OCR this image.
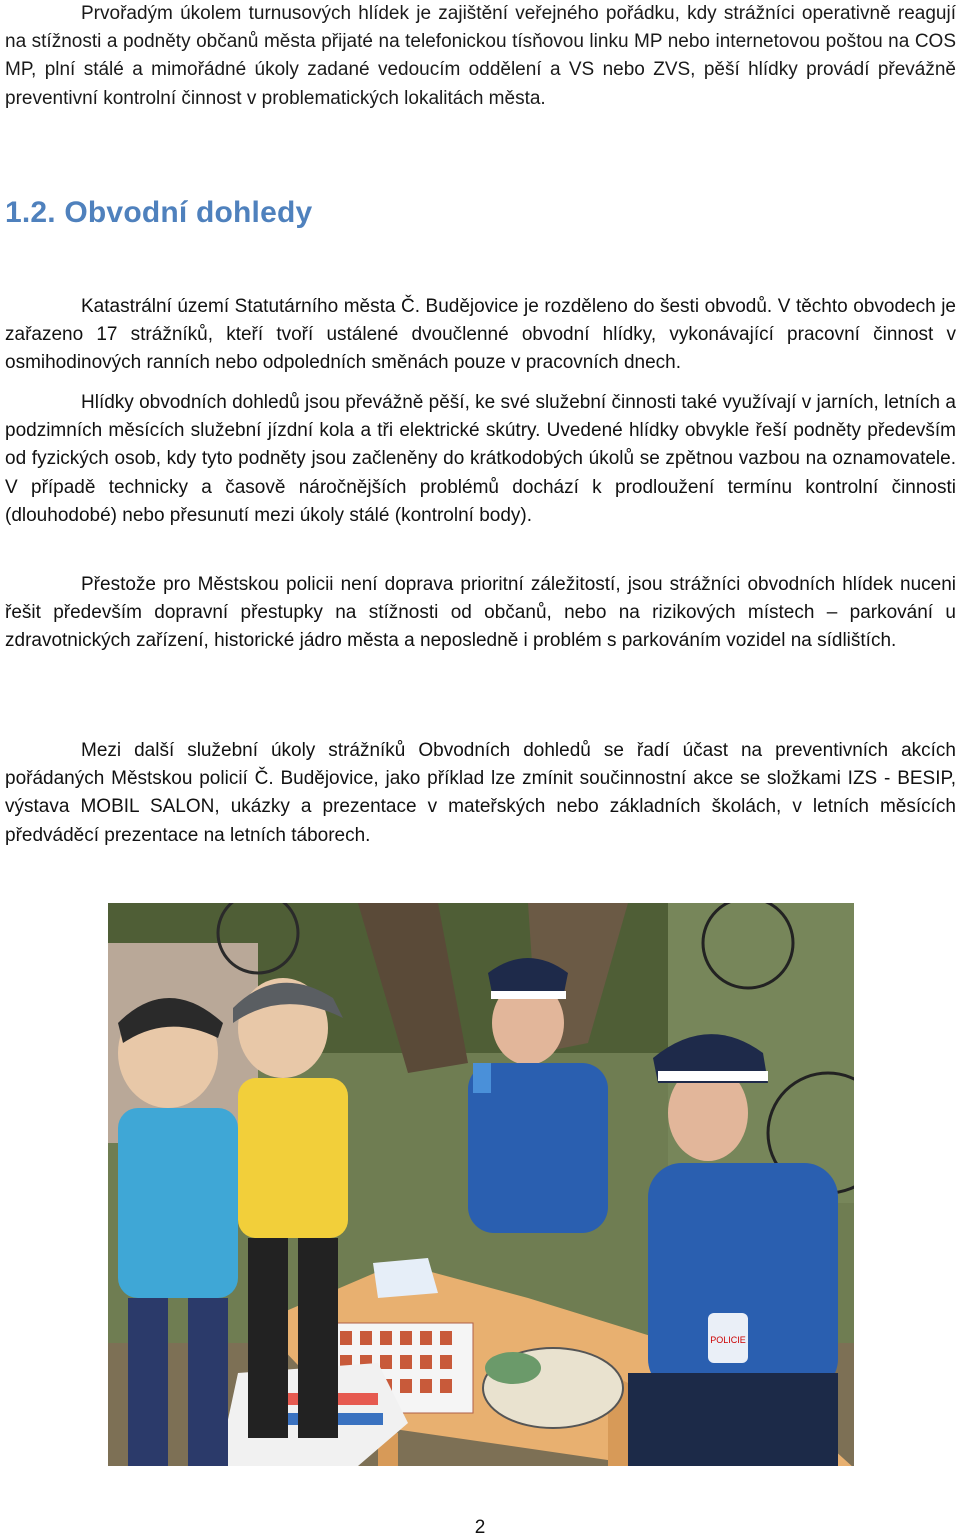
Prvořadým úkolem turnusových hlídek je zajištění veřejného pořádku, kdy strážníci operativně reagují na stížnosti a podněty občanů města přijaté na telefonickou tísňovou linku MP nebo internetovou poštou na COS MP, plní stálé a mimořádné úkoly zadané vedoucím oddělení a VS nebo ZVS, pěší hlídky provádí převážně preventivní kontrolní činnost v problematických lokalitách města.

1.2. Obvodní dohledy

Katastrální území Statutárního města Č. Budějovice je rozděleno do šesti obvodů. V těchto obvodech je zařazeno 17 strážníků, kteří tvoří ustálené dvoučlenné obvodní hlídky, vykonávající pracovní činnost v osmihodinových ranních nebo odpoledních směnách pouze v pracovních dnech.

Hlídky obvodních dohledů jsou převážně pěší, ke své služební činnosti také využívají v jarních, letních a podzimních měsících služební jízdní kola a tři elektrické skútry. Uvedené hlídky obvykle řeší podněty především od fyzických osob, kdy tyto podněty jsou začleněny do krátkodobých úkolů se zpětnou vazbou na oznamovatele. V případě technicky a časově náročnějších problémů dochází k prodloužení termínu kontrolní činnosti (dlouhodobé) nebo přesunutí mezi úkoly stálé (kontrolní body).

Přestože pro Městskou policii není doprava prioritní záležitostí, jsou strážníci obvodních hlídek nuceni řešit především dopravní přestupky na stížnosti od občanů, nebo na rizikových místech – parkování u zdravotnických zařízení, historické jádro města a neposledně i problém s parkováním vozidel na sídlištích.

Mezi další služební úkoly strážníků Obvodních dohledů se řadí účast na preventivních akcích pořádaných Městskou policií Č. Budějovice, jako příklad lze zmínit součinnostní akce se složkami IZS - BESIP, výstava MOBIL SALON, ukázky a prezentace v mateřských nebo základních školách, v letních měsících předváděcí prezentace na letních táborech.

POLICIE
2
